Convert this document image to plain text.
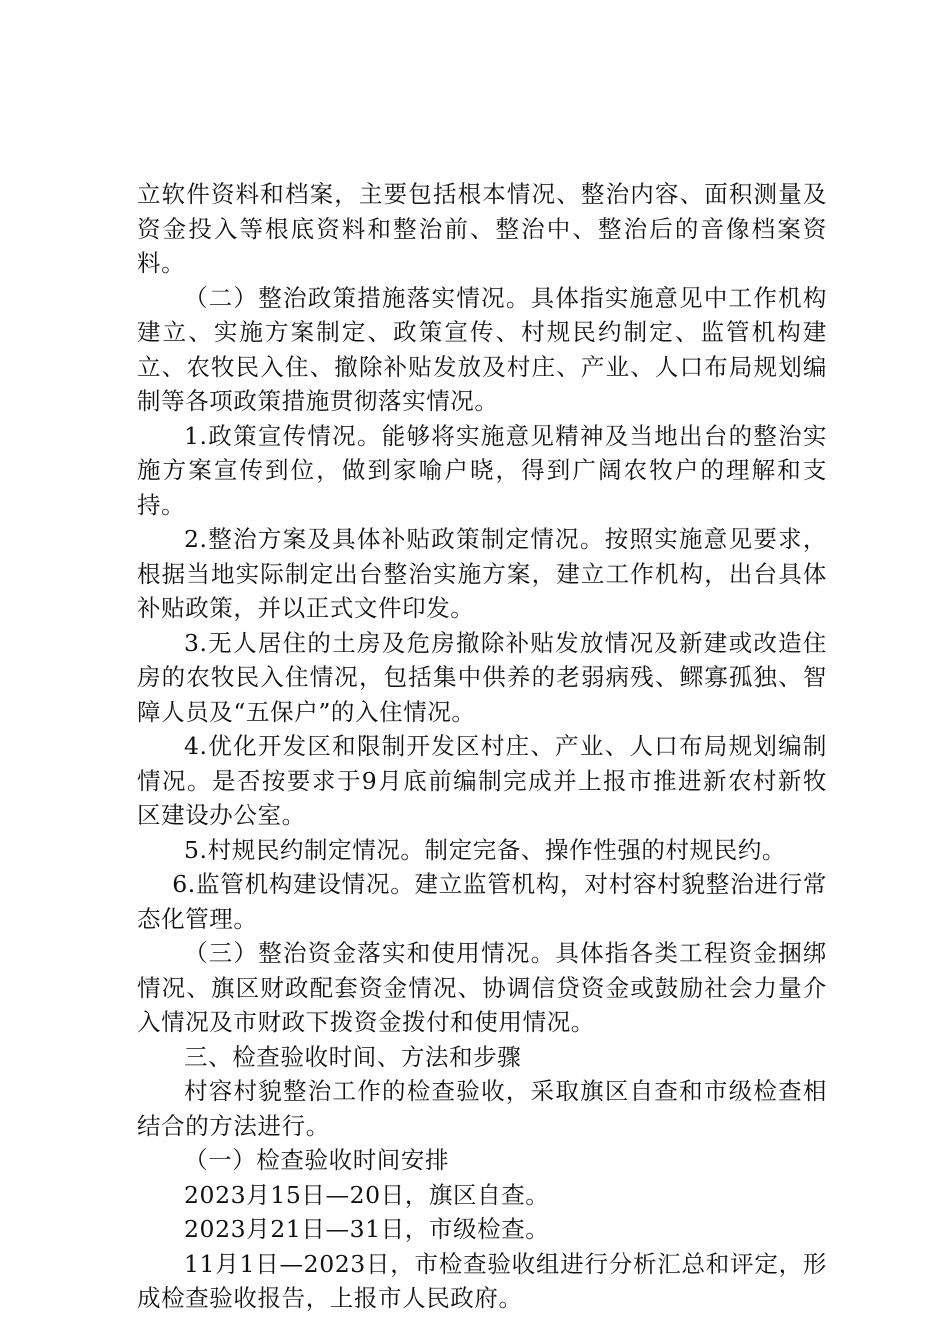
立软件资料和档案，主要包括根本情况、整治内容、面积测量及资金投入等根底资料和整治前、整治中、整治后的音像档案资料。

（二）整治政策措施落实情况。具体指实施意见中工作机构建立、实施方案制定、政策宣传、村规民约制定、监管机构建立、农牧民入住、撤除补贴发放及村庄、产业、人口布局规划编制等各项政策措施贯彻落实情况。

1.政策宣传情况。能够将实施意见精神及当地出台的整治实施方案宣传到位，做到家喻户晓，得到广阔农牧户的理解和支持。

2.整治方案及具体补贴政策制定情况。按照实施意见要求，根据当地实际制定出台整治实施方案，建立工作机构，出台具体补贴政策，并以正式文件印发。

3.无人居住的土房及危房撤除补贴发放情况及新建或改造住房的农牧民入住情况，包括集中供养的老弱病残、鳏寡孤独、智障人员及“五保户”的入住情况。

4.优化开发区和限制开发区村庄、产业、人口布局规划编制情况。是否按要求于9月底前编制完成并上报市推进新农村新牧区建设办公室。

5.村规民约制定情况。制定完备、操作性强的村规民约。

6.监管机构建设情况。建立监管机构，对村容村貌整治进行常态化管理。

（三）整治资金落实和使用情况。具体指各类工程资金捆绑情况、旗区财政配套资金情况、协调信贷资金或鼓励社会力量介入情况及市财政下拨资金拨付和使用情况。

三、检查验收时间、方法和步骤

村容村貌整治工作的检查验收，采取旗区自查和市级检查相结合的方法进行。

（一）检查验收时间安排

2023月15日—20日，旗区自查。

2023月21日—31日，市级检查。

11月1日—2023日，市检查验收组进行分析汇总和评定，形成检查验收报告，上报市人民政府。
